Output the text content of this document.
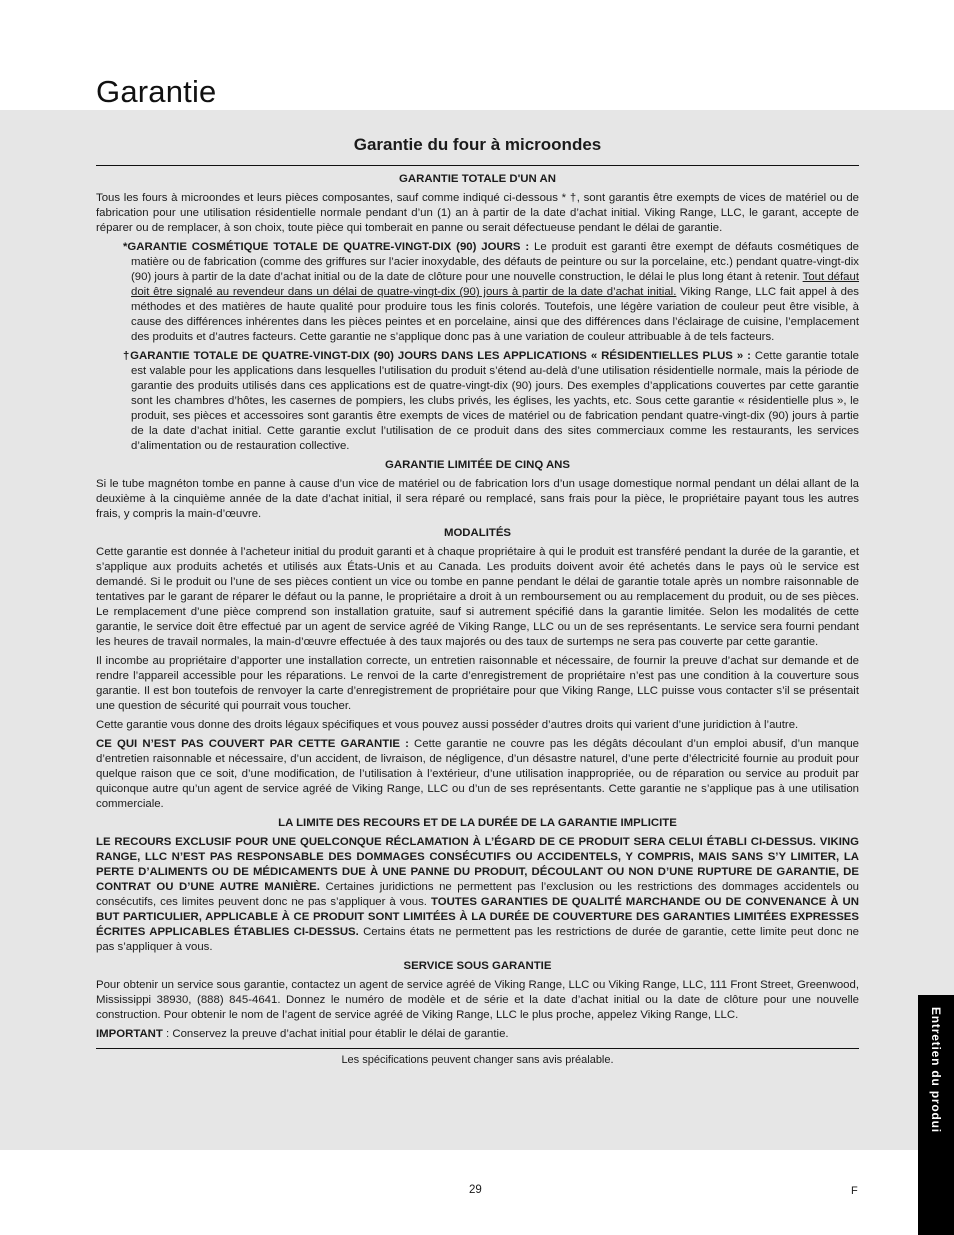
Garantie
Garantie du four à microondes
GARANTIE TOTALE D'UN AN

Tous les fours à microondes et leurs pièces composantes, sauf comme indiqué ci-dessous * †, sont garantis être exempts de vices de matériel ou de fabrication pour une utilisation résidentielle normale pendant d’un (1) an à partir de la date d’achat initial. Viking Range, LLC, le garant, accepte de réparer ou de remplacer, à son choix, toute pièce qui tomberait en panne ou serait défectueuse pendant le délai de garantie.

*GARANTIE COSMÉTIQUE TOTALE DE QUATRE-VINGT-DIX (90) JOURS : Le produit est garanti être exempt de défauts cosmétiques de matière ou de fabrication (comme des griffures sur l’acier inoxydable, des défauts de peinture ou sur la porcelaine, etc.) pendant quatre-vingt-dix (90) jours à partir de la date d’achat initial ou de la date de clôture pour une nouvelle construction, le délai le plus long étant à retenir. Tout défaut doit être signalé au revendeur dans un délai de quatre-vingt-dix (90) jours à partir de la date d’achat initial. Viking Range, LLC fait appel à des méthodes et des matières de haute qualité pour produire tous les finis colorés. Toutefois, une légère variation de couleur peut être visible, à cause des différences inhérentes dans les pièces peintes et en porcelaine, ainsi que des différences dans l’éclairage de cuisine, l’emplacement des produits et d’autres facteurs. Cette garantie ne s’applique donc pas à une variation de couleur attribuable à de tels facteurs.

†GARANTIE TOTALE DE QUATRE-VINGT-DIX (90) JOURS DANS LES APPLICATIONS « RÉSIDENTIELLES PLUS » : Cette garantie totale est valable pour les applications dans lesquelles l’utilisation du produit s’étend au-delà d’une utilisation résidentielle normale, mais la période de garantie des produits utilisés dans ces applications est de quatre-vingt-dix (90) jours. Des exemples d’applications couvertes par cette garantie sont les chambres d’hôtes, les casernes de pompiers, les clubs privés, les églises, les yachts, etc. Sous cette garantie « résidentielle plus », le produit, ses pièces et accessoires sont garantis être exempts de vices de matériel ou de fabrication pendant quatre-vingt-dix (90) jours à partie de la date d’achat initial. Cette garantie exclut l’utilisation de ce produit dans des sites commerciaux comme les restaurants, les services d’alimentation ou de restauration collective.

GARANTIE LIMITÉE DE CINQ ANS

Si le tube magnéton tombe en panne à cause d’un vice de matériel ou de fabrication lors d’un usage domestique normal pendant un délai allant de la deuxième à la cinquième année de la date d’achat initial, il sera réparé ou remplacé, sans frais pour la pièce, le propriétaire payant tous les autres frais, y compris la main-d’œuvre.

MODALITÉS

Cette garantie est donnée à l’acheteur initial du produit garanti et à chaque propriétaire à qui le produit est transféré pendant la durée de la garantie, et s’applique aux produits achetés et utilisés aux États-Unis et au Canada. Les produits doivent avoir été achetés dans le pays où le service est demandé. Si le produit ou l’une de ses pièces contient un vice ou tombe en panne pendant le délai de garantie totale après un nombre raisonnable de tentatives par le garant de réparer le défaut ou la panne, le propriétaire a droit à un remboursement ou au remplacement du produit, ou de ses pièces. Le remplacement d’une pièce comprend son installation gratuite, sauf si autrement spécifié dans la garantie limitée. Selon les modalités de cette garantie, le service doit être effectué par un agent de service agréé de Viking Range, LLC ou un de ses représentants. Le service sera fourni pendant les heures de travail normales, la main-d’œuvre effectuée à des taux majorés ou des taux de surtemps ne sera pas couverte par cette garantie.

Il incombe au propriétaire d’apporter une installation correcte, un entretien raisonnable et nécessaire, de fournir la preuve d’achat sur demande et de rendre l’appareil accessible pour les réparations. Le renvoi de la carte d’enregistrement de propriétaire n’est pas une condition à la couverture sous garantie. Il est bon toutefois de renvoyer la carte d’enregistrement de propriétaire pour que Viking Range, LLC puisse vous contacter s’il se présentait une question de sécurité qui pourrait vous toucher.

Cette garantie vous donne des droits légaux spécifiques et vous pouvez aussi posséder d’autres droits qui varient d’une juridiction à l’autre.

CE QUI N’EST PAS COUVERT PAR CETTE GARANTIE : Cette garantie ne couvre pas les dégâts découlant d’un emploi abusif, d’un manque d’entretien raisonnable et nécessaire, d’un accident, de livraison, de négligence, d’un désastre naturel, d’une perte d’électricité fournie au produit pour quelque raison que ce soit, d’une modification, de l’utilisation à l’extérieur, d’une utilisation inappropriée, ou de réparation ou service au produit par quiconque autre qu’un agent de service agréé de Viking Range, LLC ou d’un de ses représentants. Cette garantie ne s’applique pas à une utilisation commerciale.

LA LIMITE DES RECOURS ET DE LA DURÉE DE LA GARANTIE IMPLICITE

LE RECOURS EXCLUSIF POUR UNE QUELCONQUE RÉCLAMATION À L’ÉGARD DE CE PRODUIT SERA CELUI ÉTABLI CI-DESSUS. VIKING RANGE, LLC N’EST PAS RESPONSABLE DES DOMMAGES CONSÉCUTIFS OU ACCIDENTELS, Y COMPRIS, MAIS SANS S’Y LIMITER, LA PERTE D’ALIMENTS OU DE MÉDICAMENTS DUE À UNE PANNE DU PRODUIT, DÉCOULANT OU NON D’UNE RUPTURE DE GARANTIE, DE CONTRAT OU D’UNE AUTRE MANIÈRE. Certaines juridictions ne permettent pas l’exclusion ou les restrictions des dommages accidentels ou consécutifs, ces limites peuvent donc ne pas s’appliquer à vous. TOUTES GARANTIES DE QUALITÉ MARCHANDE OU DE CONVENANCE À UN BUT PARTICULIER, APPLICABLE À CE PRODUIT SONT LIMITÉES À LA DURÉE DE COUVERTURE DES GARANTIES LIMITÉES EXPRESSES ÉCRITES APPLICABLES ÉTABLIES CI-DESSUS. Certains états ne permettent pas les restrictions de durée de garantie, cette limite peut donc ne pas s’appliquer à vous.

SERVICE SOUS GARANTIE

Pour obtenir un service sous garantie, contactez un agent de service agréé de Viking Range, LLC ou Viking Range, LLC, 111 Front Street, Greenwood, Mississippi 38930, (888) 845-4641. Donnez le numéro de modèle et de série et la date d’achat initial ou la date de clôture pour une nouvelle construction. Pour obtenir le nom de l’agent de service agréé de Viking Range, LLC le plus proche, appelez Viking Range, LLC.

IMPORTANT : Conservez la preuve d’achat initial pour établir le délai de garantie.

Les spécifications peuvent changer sans avis préalable.	Entretien du produi
29	F
